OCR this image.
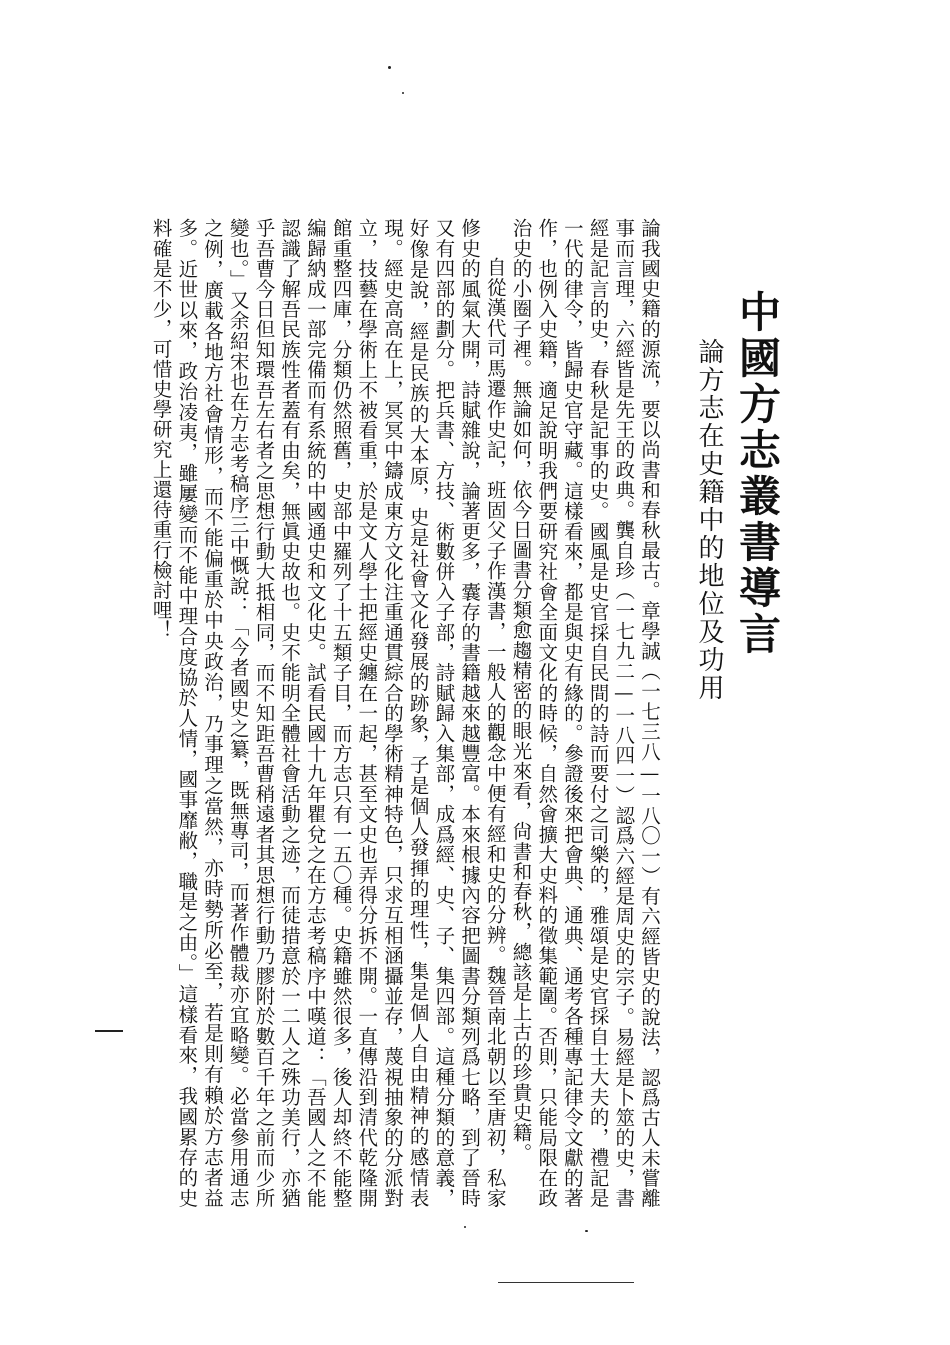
中國方志叢書導言
論方志在史籍中的地位及功用

論我國史籍的源流，要以尚書和春秋最古。章學誠（一七三八—一八〇一）有六經皆史的說法，認爲古人未嘗離事而言理，六經皆是先王的政典。龔自珍（一七九二—一八四一）認爲六經是周史的宗子。易經是卜筮的史，書經是記言的史，春秋是記事的史。國風是史官採自民間的詩而要付之司樂的，雅頌是史官採自士大夫的，禮記是一代的律令，皆歸史官守藏。這樣看來，都是與史有緣的。參證後來把會典、通典、通考各種專記律令文獻的著作，也例入史籍，適足說明我們要研究社會全面文化的時候，自然會擴大史料的徵集範圍。否則，只能局限在政治史的小圈子裡。無論如何，依今日圖書分類愈趨精密的眼光來看，尙書和春秋，總該是上古的珍貴史籍。

自從漢代司馬遷作史記，班固父子作漢書，一般人的觀念中便有經和史的分辨。魏晉南北朝以至唐初，私家修史的風氣大開，詩賦雜說，論著更多，囊存的書籍越來越豐富。本來根據內容把圖書分類列爲七略，到了晉時又有四部的劃分。把兵書、方技、術數併入子部，詩賦歸入集部，成爲經、史、子、集四部。這種分類的意義，好像是說，經是民族的大本原，史是社會文化發展的跡象，子是個人發揮的理性，集是個人自由精神的感情表現。經史高高在上，冥冥中鑄成東方文化注重通貫綜合的學術精神特色，只求互相涵攝並存，蔑視抽象的分派對立，技藝在學術上不被看重，於是文人學士把經史纏在一起，甚至文史也弄得分拆不開。一直傳沿到清代乾隆開館重整四庫，分類仍然照舊，史部中羅列了十五類子目，而方志只有一五〇種。史籍雖然很多，後人却終不能整編歸納成一部完備而有系統的中國通史和文化史。試看民國十九年瞿兌之在方志考稿序中嘆道：「吾國人之不能認識了解吾民族性者蓋有由矣，無眞史故也。史不能明全體社會活動之迹，而徒措意於一二人之殊功美行，亦猶乎吾曹今日但知環吾左右者之思想行動大抵相同，而不知距吾曹稍遠者其思想行動乃膠附於數百千年之前而少所變也。」又余紹宋也在方志考稿序三中慨說：「今者國史之纂，既無專司，而著作體裁亦宜略變。必當參用通志之例，廣載各地方社會情形，而不能偏重於中央政治，乃事理之當然，亦時勢所必至，若是則有賴於方志者益多。近世以來，政治凌夷，雖屢變而不能中理合度協於人情，國事靡敝，職是之由。」這樣看來，我國累存的史料確是不少，可惜史學研究上還待重行檢討哩！
